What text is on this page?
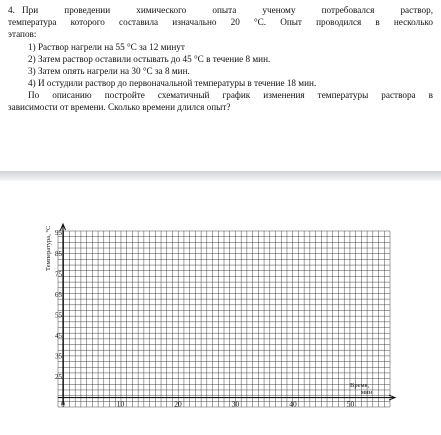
4. При проведении химического опыта ученому потребовался раствор,
температура которого составила изначально 20 °С. Опыт проводился в несколько
этапов:
1) Раствор нагрели на 55 °С за 12 минут
2) Затем раствор оставили остывать до 45 °С в течение 8 мин.
3) Затем опять нагрели на 30 °С за 8 мин.
4) И остудили раствор до первоначальной температуры в течение 18 мин.
По описанию постройте схематичный график изменения температуры раствора в
зависимости от времени. Сколько времени длился опыт?
95
85
75
65
55
45
35
25
0	10	20	30	40	50
Температура, °С
Время,
мин
